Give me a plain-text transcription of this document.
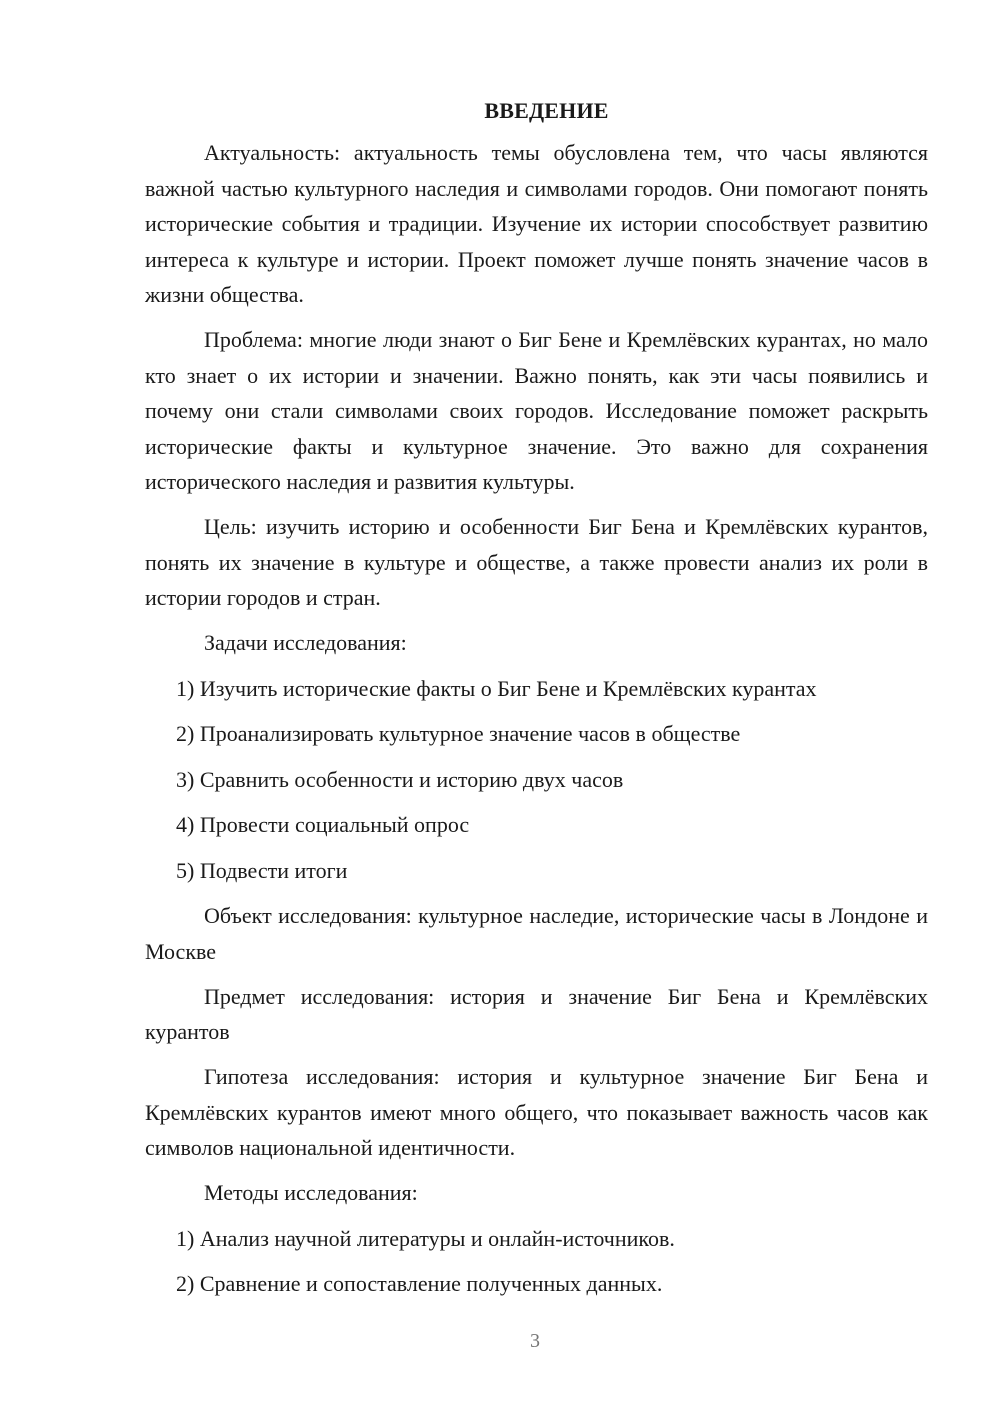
ВВЕДЕНИЕ

Актуальность: актуальность темы обусловлена тем, что часы являются важной частью культурного наследия и символами городов. Они помогают понять исторические события и традиции. Изучение их истории способствует развитию интереса к культуре и истории. Проект поможет лучше понять значение часов в жизни общества.

Проблема: многие люди знают о Биг Бене и Кремлёвских курантах, но мало кто знает о их истории и значении. Важно понять, как эти часы появились и почему они стали символами своих городов. Исследование поможет раскрыть исторические факты и культурное значение. Это важно для сохранения исторического наследия и развития культуры.

Цель: изучить историю и особенности Биг Бена и Кремлёвских курантов, понять их значение в культуре и обществе, а также провести анализ их роли в истории городов и стран.

Задачи исследования:
1) Изучить исторические факты о Биг Бене и Кремлёвских курантах
2) Проанализировать культурное значение часов в обществе
3) Сравнить особенности и историю двух часов
4) Провести социальный опрос
5) Подвести итоги

Объект исследования: культурное наследие, исторические часы в Лондоне и Москве

Предмет исследования: история и значение Биг Бена и Кремлёвских курантов

Гипотеза исследования: история и культурное значение Биг Бена и Кремлёвских курантов имеют много общего, что показывает важность часов как символов национальной идентичности.

Методы исследования:
1) Анализ научной литературы и онлайн-источников.
2) Сравнение и сопоставление полученных данных.
3
